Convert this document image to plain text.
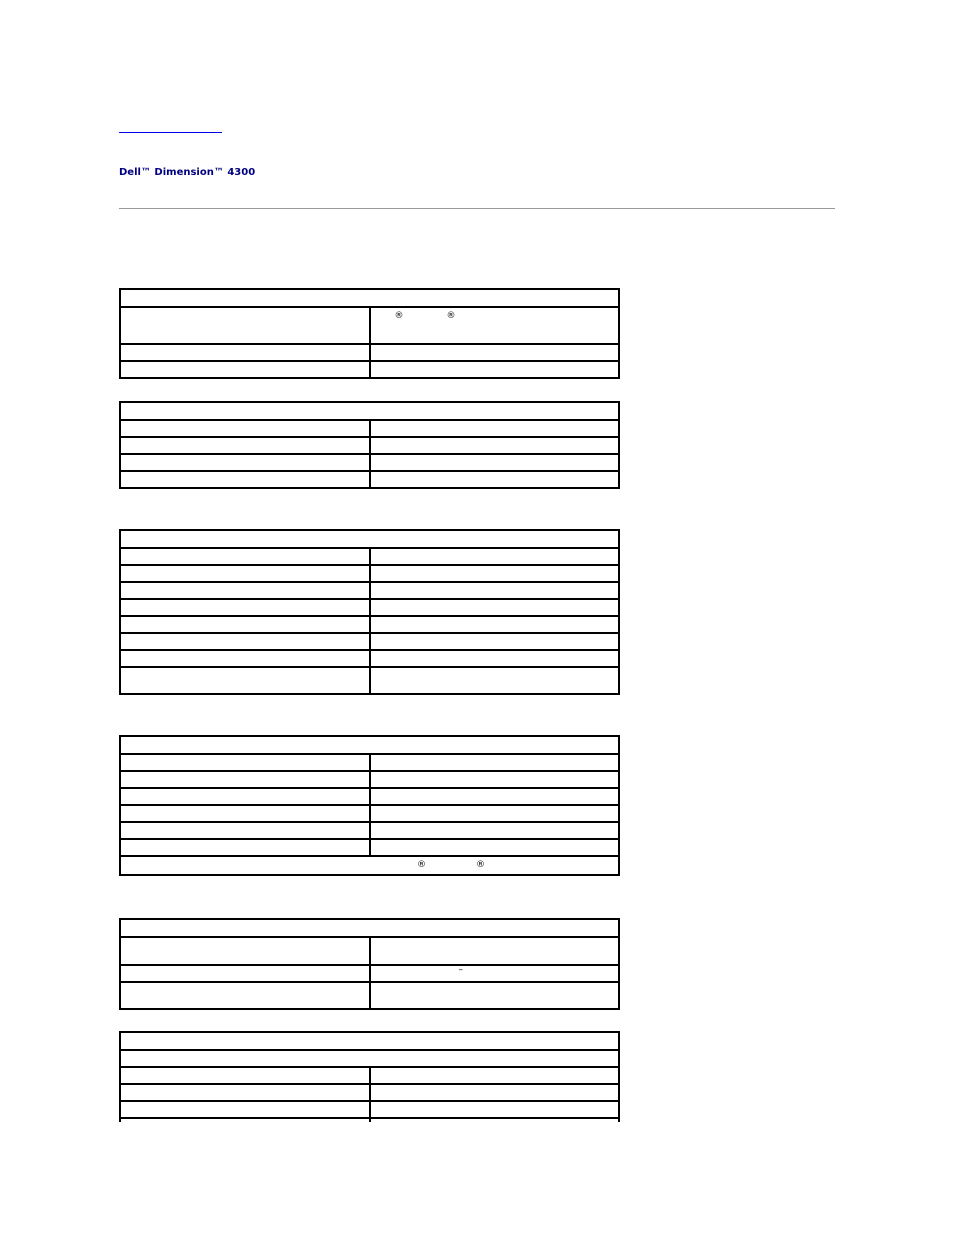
Dell™ Dimension™ 4300

	® ®

® ®	

	–
